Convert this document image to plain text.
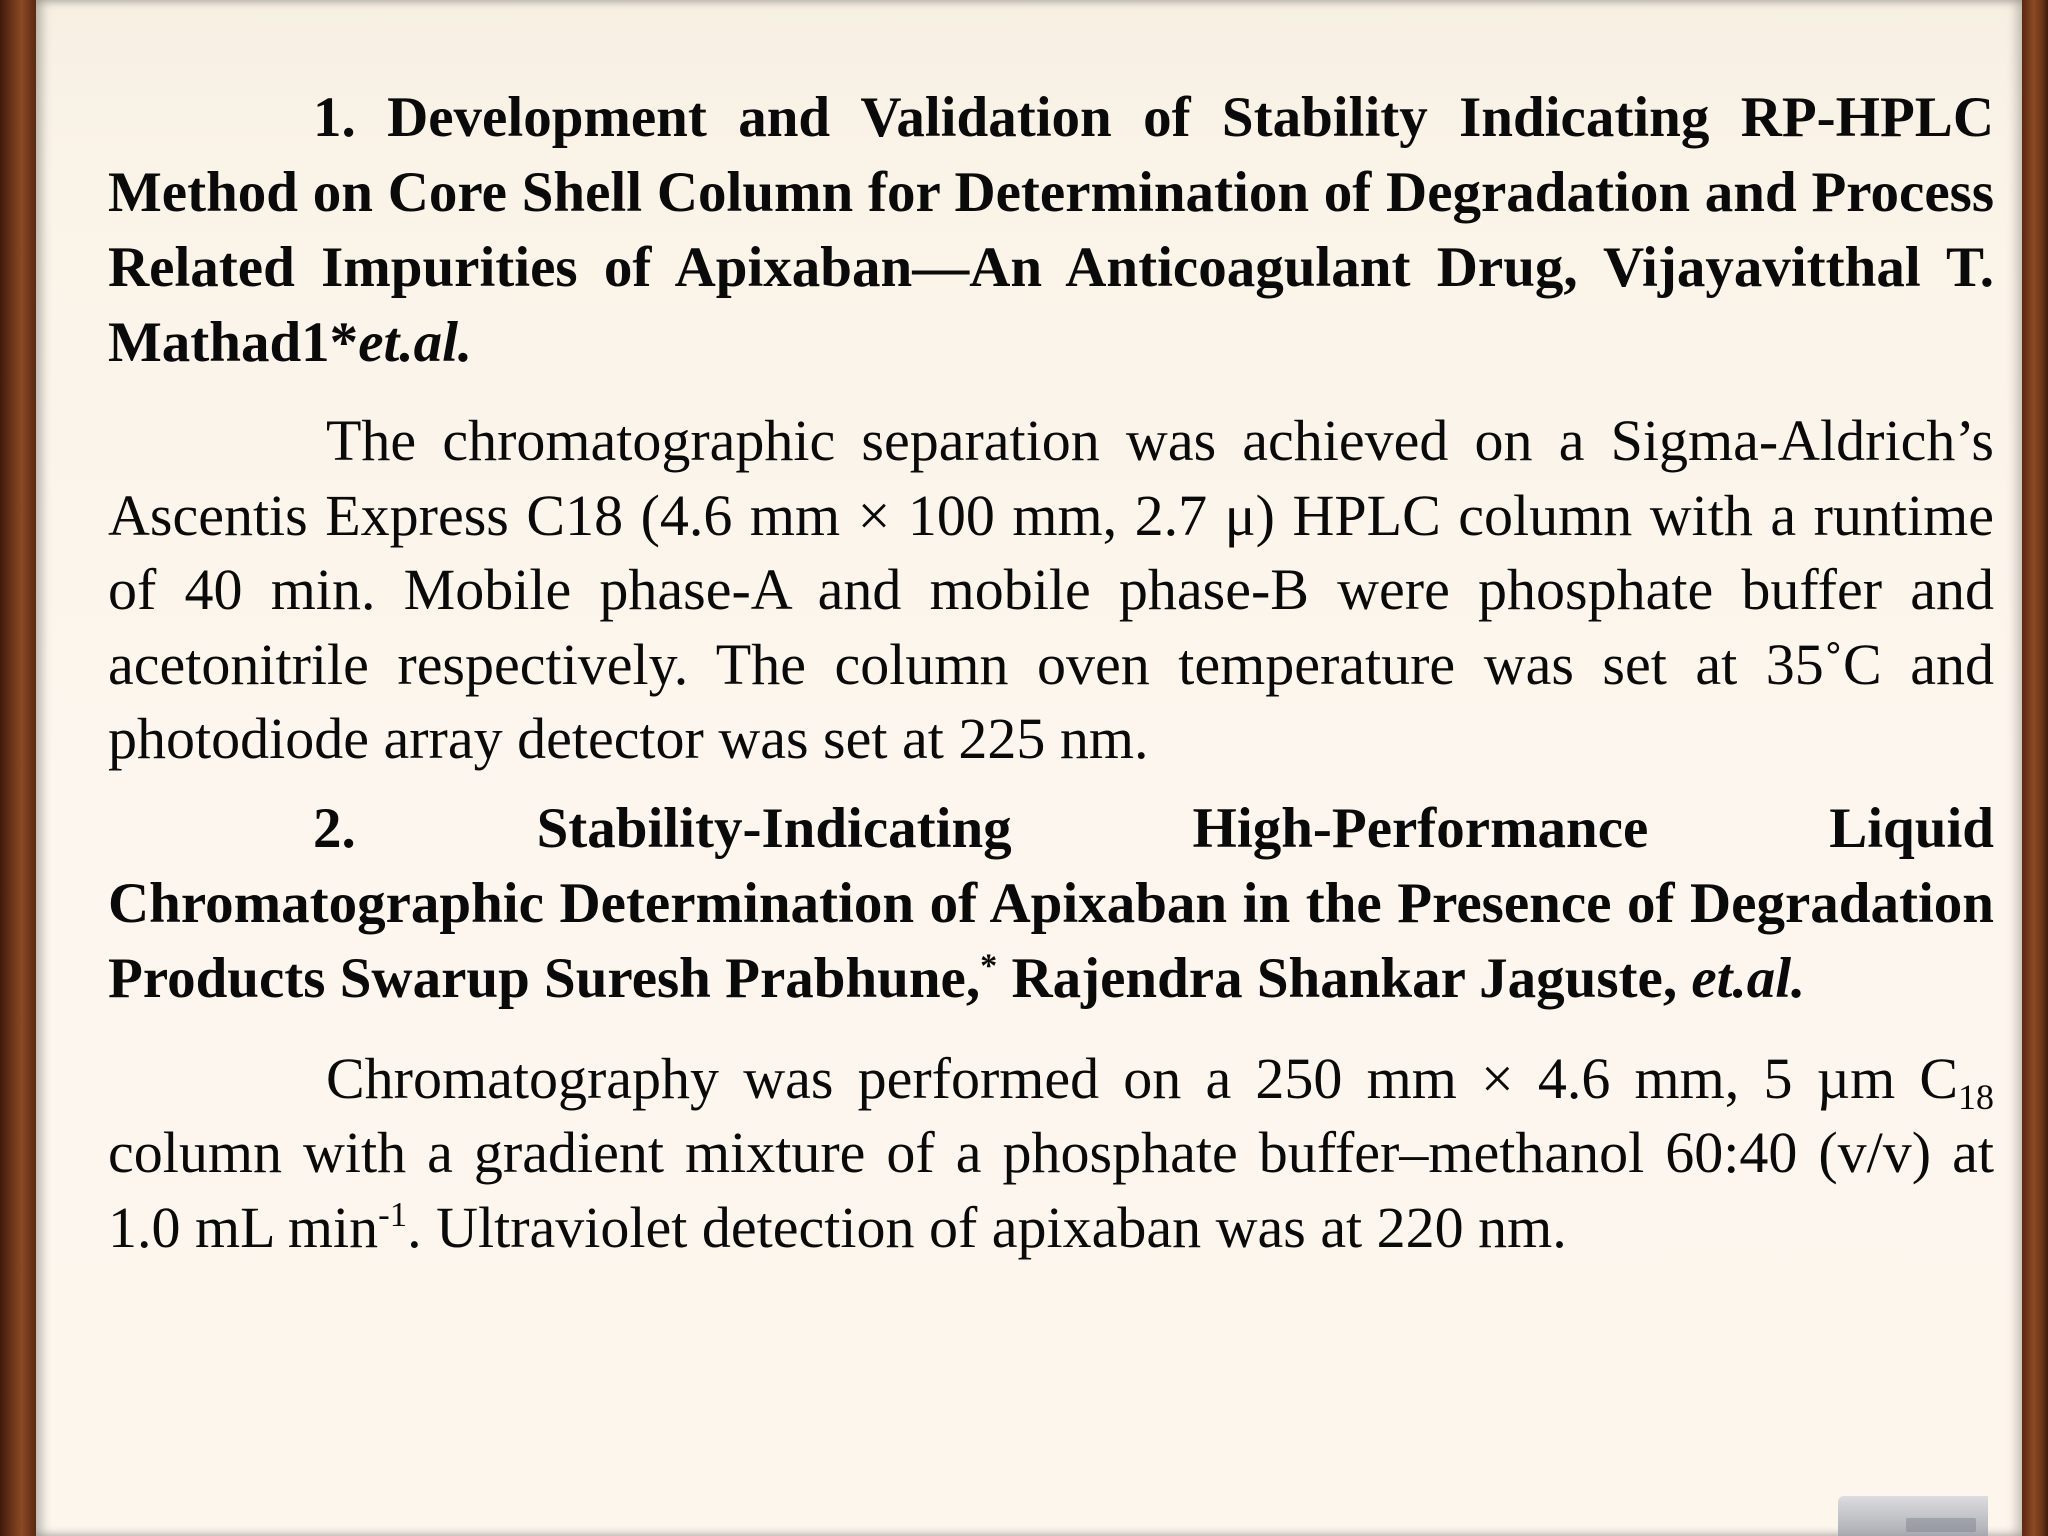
1. Development and Validation of Stability Indicating RP-HPLC Method on Core Shell Column for Determination of Degradation and Process Related Impurities of Apixaban—An Anticoagulant Drug, Vijayavitthal T. Mathad1*et.al.

The chromatographic separation was achieved on a Sigma-Aldrich’s Ascentis Express C18 (4.6 mm × 100 mm, 2.7 μ) HPLC column with a runtime of 40 min. Mobile phase-A and mobile phase-B were phosphate buffer and acetonitrile respectively. The column oven temperature was set at 35˚C and photodiode array detector was set at 225 nm.

2. Stability-Indicating High-Performance Liquid
Chromatographic Determination of Apixaban in the Presence of Degradation Products Swarup Suresh Prabhune,* Rajendra Shankar Jaguste, et.al.

Chromatography was performed on a 250 mm × 4.6 mm, 5 µm $C_{18}$ column with a gradient mixture of a phosphate buffer–methanol 60:40 (v/v) at 1.0 mL $\min^{-1}$. Ultraviolet detection of apixaban was at 220 nm.
